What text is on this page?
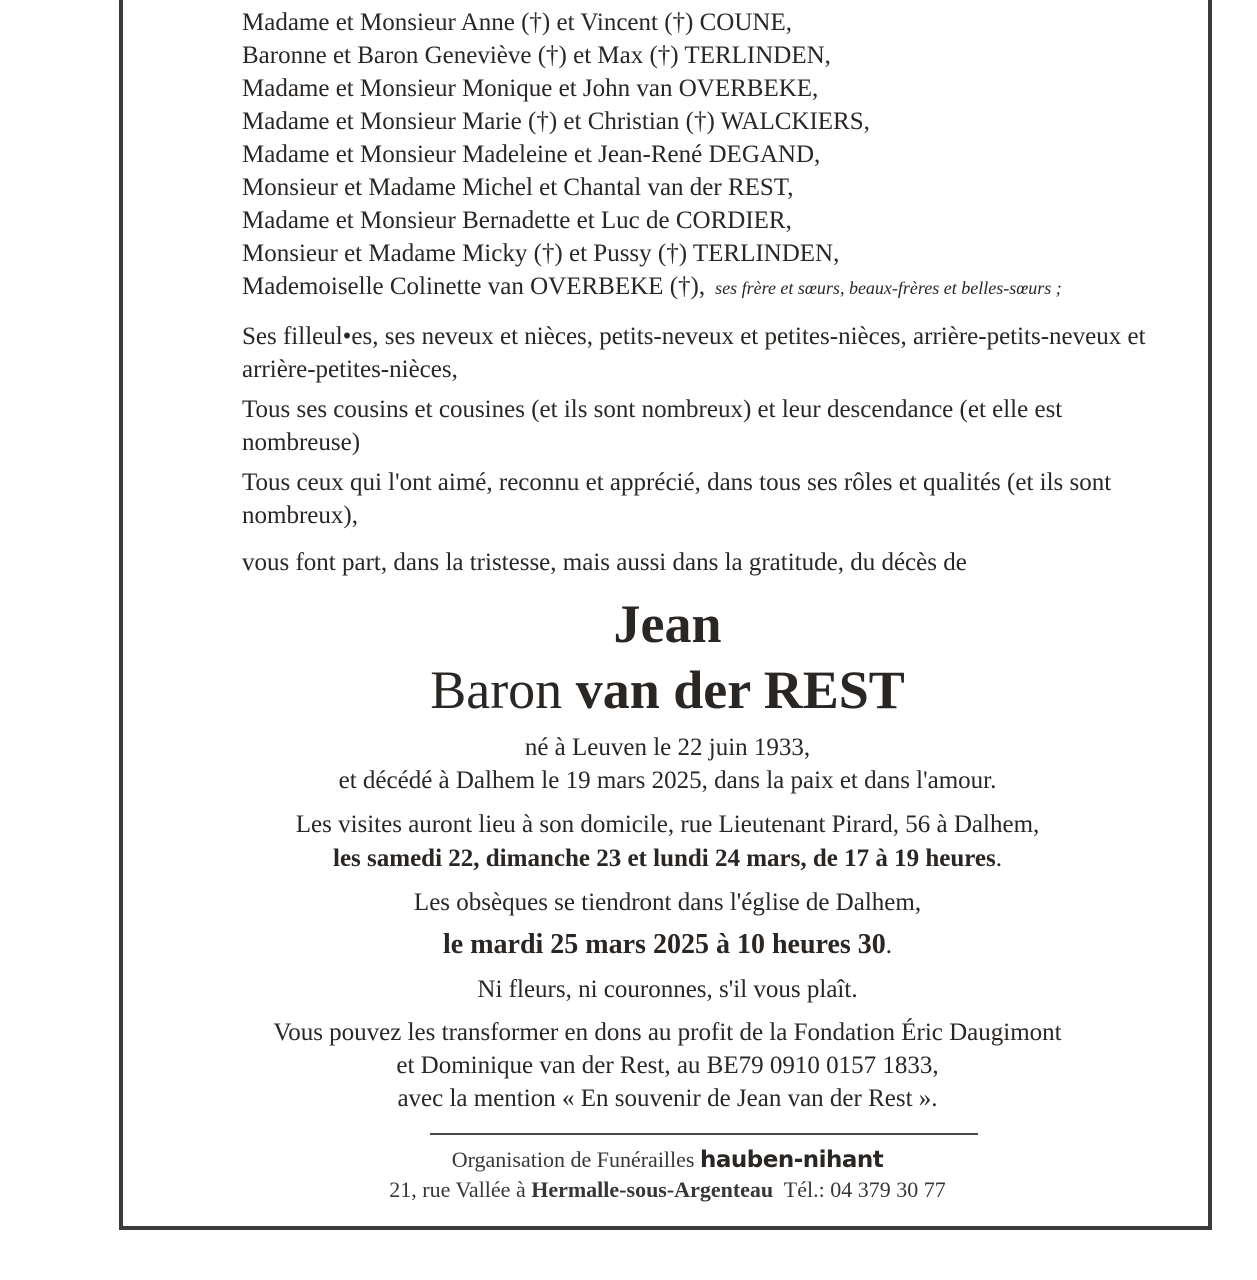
Madame et Monsieur Anne (†) et Vincent (†) COUNE,
Baronne et Baron Geneviève (†) et Max (†) TERLINDEN,
Madame et Monsieur Monique et John van OVERBEKE,
Madame et Monsieur Marie (†) et Christian (†) WALCKIERS,
Madame et Monsieur Madeleine et Jean-René DEGAND,
Monsieur et Madame Michel et Chantal van der REST,
Madame et Monsieur Bernadette et Luc de CORDIER,
Monsieur et Madame Micky (†) et Pussy (†) TERLINDEN,
Mademoiselle Colinette van OVERBEKE (†), ses frère et sœurs, beaux-frères et belles-sœurs ;
Ses filleul•es, ses neveux et nièces, petits-neveux et petites-nièces, arrière-petits-neveux et arrière-petites-nièces,
Tous ses cousins et cousines (et ils sont nombreux) et leur descendance (et elle est nombreuse)
Tous ceux qui l'ont aimé, reconnu et apprécié, dans tous ses rôles et qualités (et ils sont nombreux),
vous font part, dans la tristesse, mais aussi dans la gratitude, du décès de
Jean
Baron van der REST
né à Leuven le 22 juin 1933,
et décédé à Dalhem le 19 mars 2025, dans la paix et dans l'amour.
Les visites auront lieu à son domicile, rue Lieutenant Pirard, 56 à Dalhem,
les samedi 22, dimanche 23 et lundi 24 mars, de 17 à 19 heures.
Les obsèques se tiendront dans l'église de Dalhem,
le mardi 25 mars 2025 à 10 heures 30.
Ni fleurs, ni couronnes, s'il vous plaît.
Vous pouvez les transformer en dons au profit de la Fondation Éric Daugimont
et Dominique van der Rest, au BE79 0910 0157 1833,
avec la mention « En souvenir de Jean van der Rest ».
Organisation de Funérailles hauben-nihant
21, rue Vallée à Hermalle-sous-Argenteau Tél.: 04 379 30 77
